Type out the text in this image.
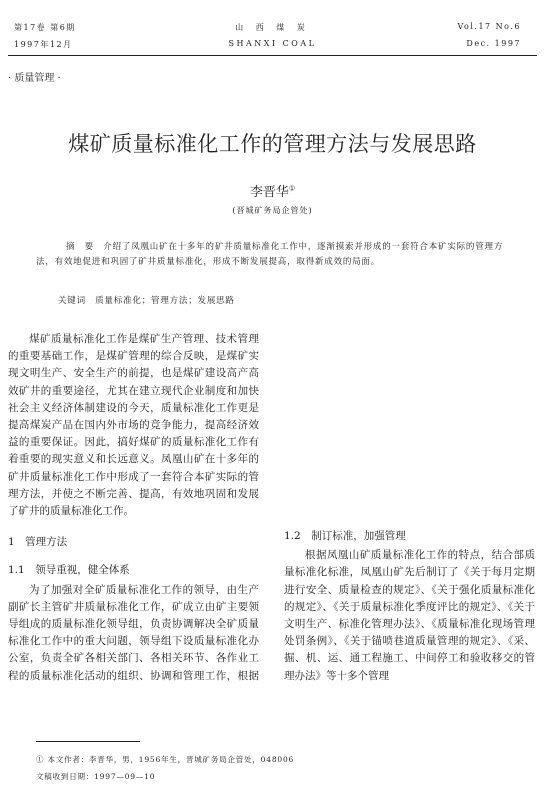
第17卷 第6期
1997年12月
山 西 煤 炭
SHANXI COAL
Vol.17 No.6
Dec. 1997
· 质量管理 ·
煤矿质量标准化工作的管理方法与发展思路
李晋华①
(晋城矿务局企管处)
摘　要　 介绍了凤凰山矿在十多年的矿井质量标准化工作中，逐渐摸索并形成的一套符合本矿实际的管理方法，有效地促进和巩固了矿井质量标准化，形成不断发展提高，取得新成效的局面。
关键词　 质量标准化；管理方法；发展思路

煤矿质量标准化工作是煤矿生产管理、技术管理的重要基础工作，是煤矿管理的综合反映，是煤矿实现文明生产、安全生产的前提，也是煤矿建设高产高效矿井的重要途径，尤其在建立现代企业制度和加快社会主义经济体制建设的今天，质量标准化工作更是提高煤炭产品在国内外市场的竞争能力，提高经济效益的重要保证。因此，搞好煤矿的质量标准化工作有着重要的现实意义和长远意义。凤凰山矿在十多年的矿井质量标准化工作中形成了一套符合本矿实际的管理方法，并使之不断完善、提高，有效地巩固和发展了矿井的质量标准化工作。

1　管理方法

1.1　领导重视，健全体系

为了加强对全矿质量标准化工作的领导，由生产副矿长主管矿井质量标准化工作，矿成立由矿主要领导组成的质量标准化领导组，负责协调解决全矿质量标准化工作中的重大问题，领导组下设质量标准化办公室，负责全矿各相关部门、各相关环节、各作业工程的质量标准化活动的组织、协调和管理工作，根据

1.2　制订标准，加强管理

根据凤凰山矿质量标准化工作的特点，结合部质量标准化标准，凤凰山矿先后制订了《关于每月定期进行安全、质量检查的规定》、《关于强化质量标准化的规定》、《关于质量标准化季度评比的规定》、《关于文明生产、标准化管理办法》、《质量标准化现场管理处罚条例》、《关于锚喷巷道质量管理的规定》、《采、掘、机、运、通工程施工、中间停工和验收移交的管理办法》等十多个管理

① 本文作者：李晋华，男，1956年生，晋城矿务局企管处，048006
文稿收到日期：1997—09—10
